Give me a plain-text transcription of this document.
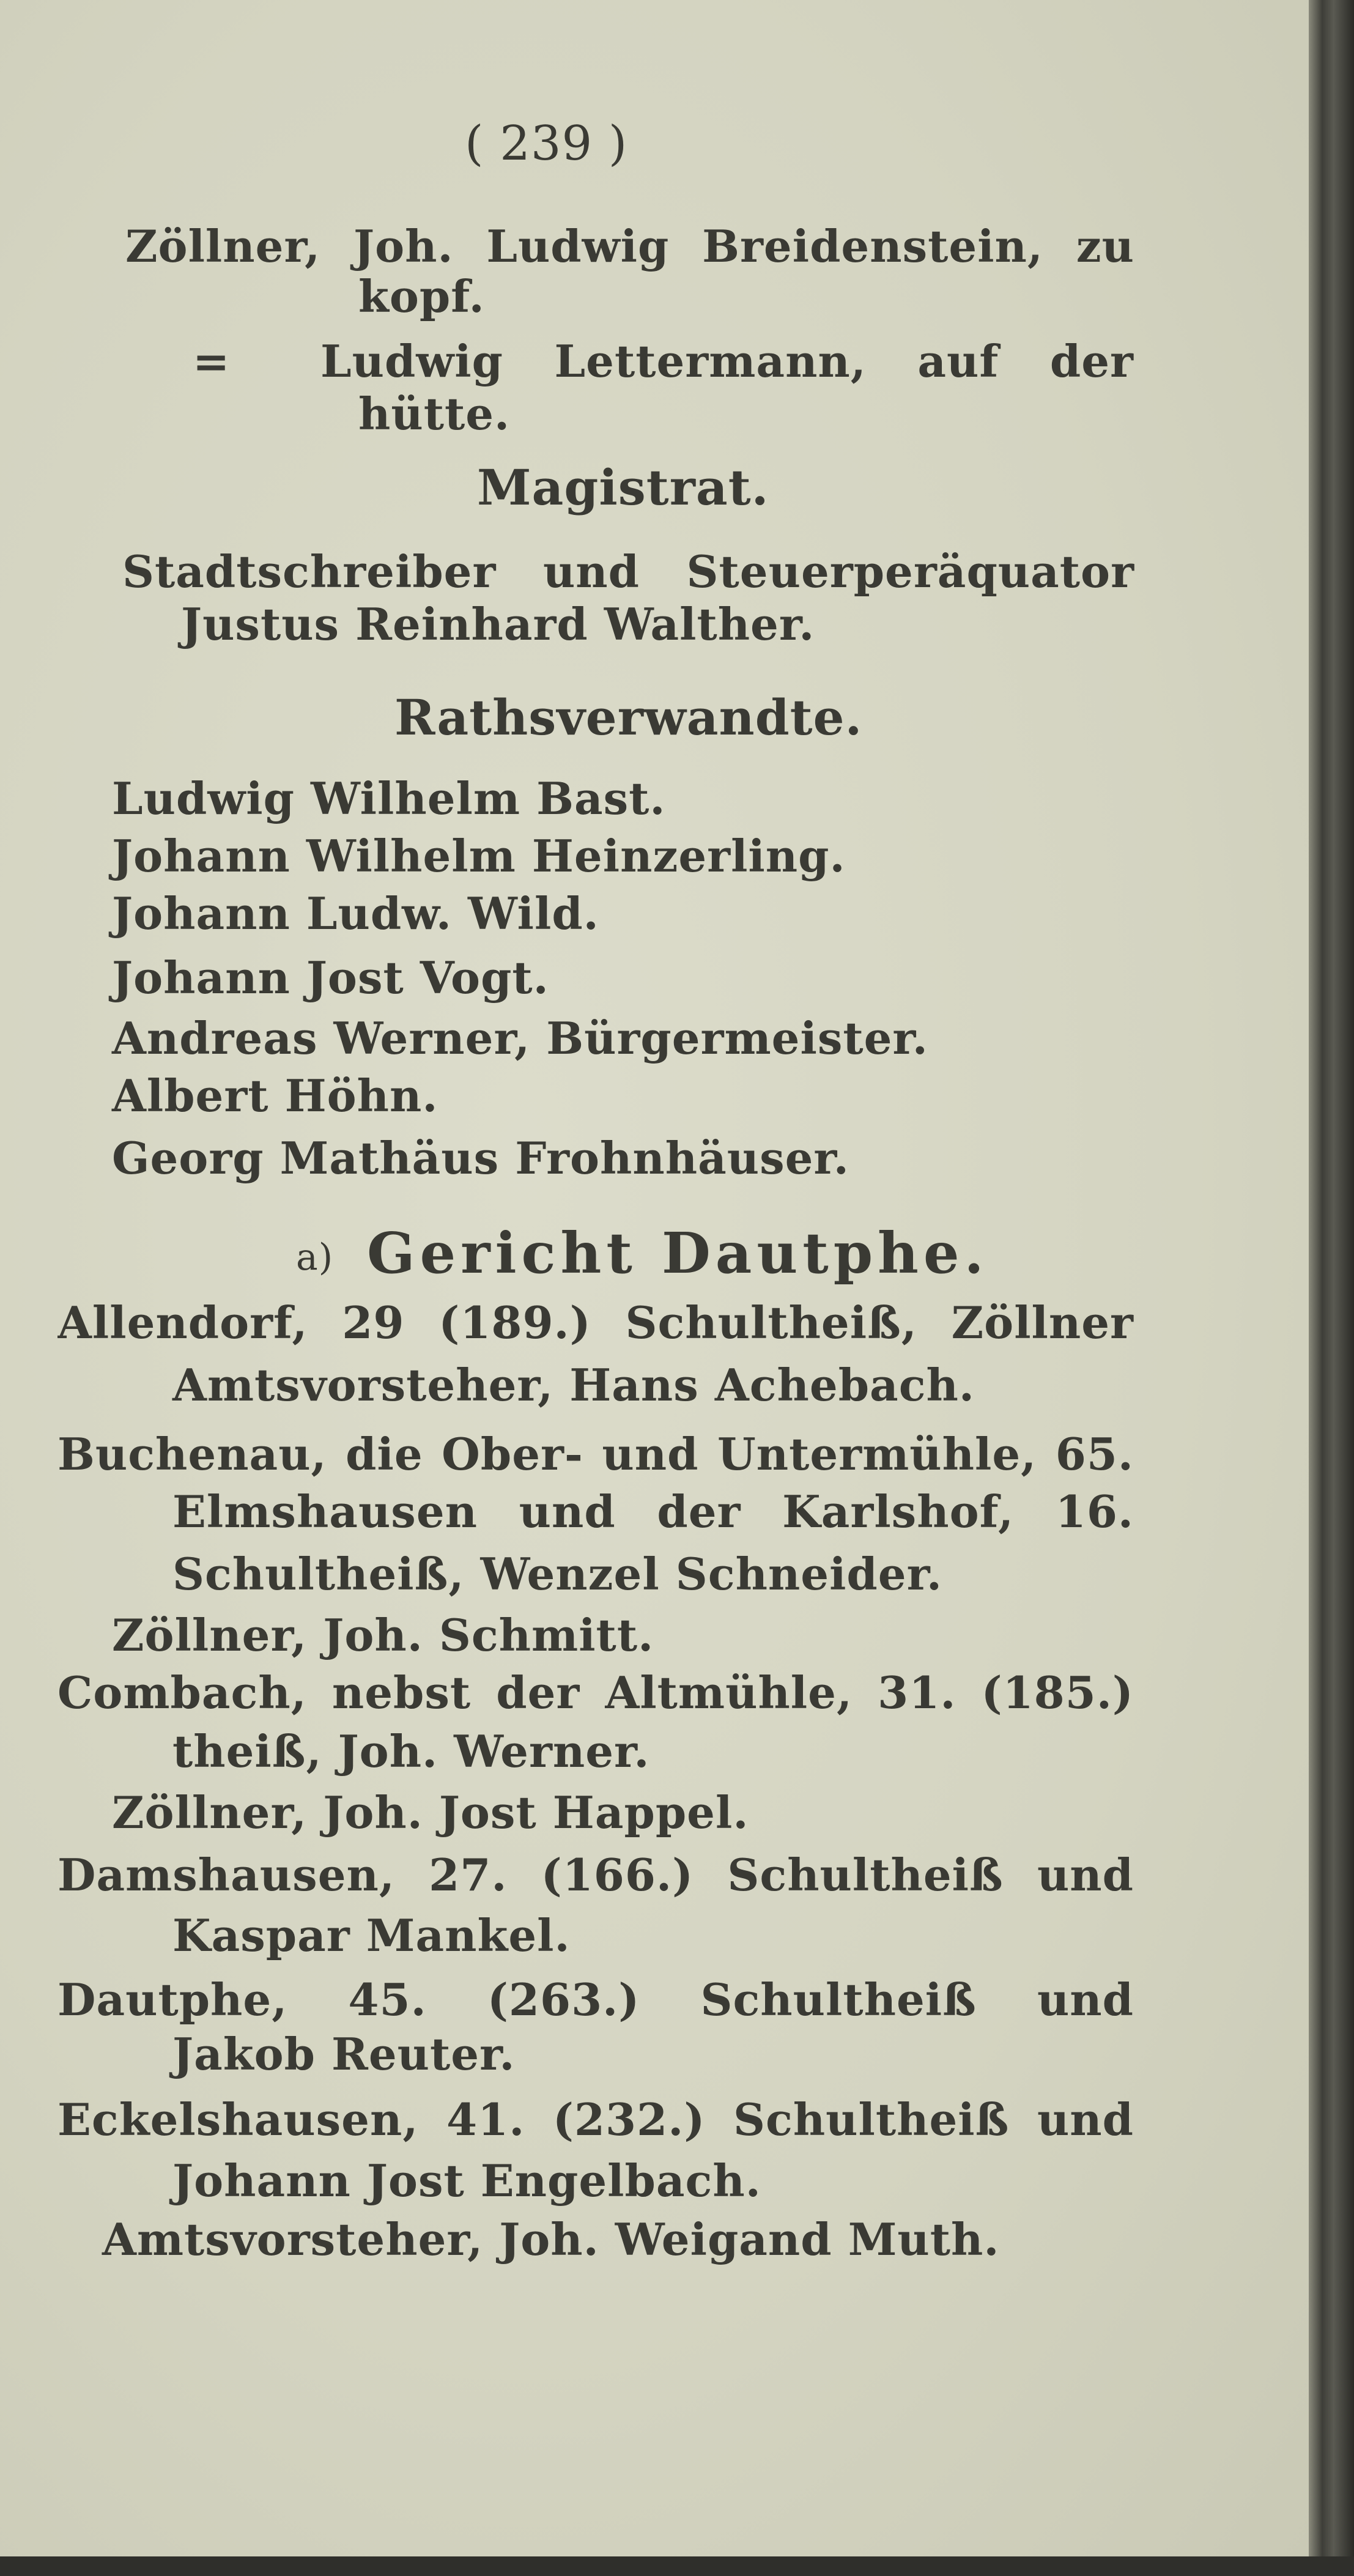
( 239 )
Zöllner, Joh. Ludwig Breidenstein, zu
kopf.
= Ludwig Lettermann, auf der
hütte.
Magistrat.
Stadtschreiber und Steuerperäquator
Justus Reinhard Walther.
Rathsverwandte.
Ludwig Wilhelm Bast.
Johann Wilhelm Heinzerling.
Johann Ludw. Wild.
Johann Jost Vogt.
Andreas Werner, Bürgermeister.
Albert Höhn.
Georg Mathäus Frohnhäuser.
a) Gericht Dautphe.
Allendorf, 29 (189.) Schultheiß, Zöllner
Amtsvorsteher, Hans Achebach.
Buchenau, die Ober- und Untermühle, 65.
Elmshausen und der Karlshof, 16.
Schultheiß, Wenzel Schneider.
Zöllner, Joh. Schmitt.
Combach, nebst der Altmühle, 31. (185.)
theiß, Joh. Werner.
Zöllner, Joh. Jost Happel.
Damshausen, 27. (166.) Schultheiß und
Kaspar Mankel.
Dautphe, 45. (263.) Schultheiß und
Jakob Reuter.
Eckelshausen, 41. (232.) Schultheiß und
Johann Jost Engelbach.
Amtsvorsteher, Joh. Weigand Muth.
